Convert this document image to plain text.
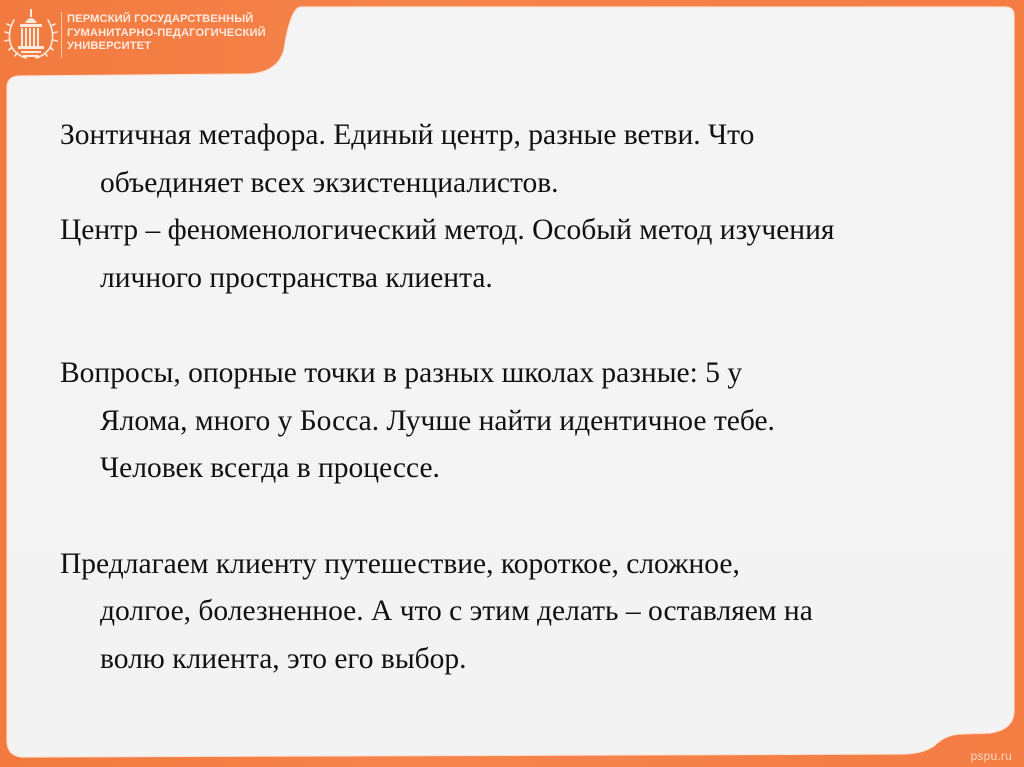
ПЕРМСКИЙ ГОСУДАРСТВЕННЫЙ
ГУМАНИТАРНО-ПЕДАГОГИЧЕСКИЙ
УНИВЕРСИТЕТ

Зонтичная метафора. Единый центр, разные ветви. Что
объединяет всех экзистенциалистов.

Центр – феноменологический метод. Особый метод изучения
личного пространства клиента.

Вопросы, опорные точки в разных школах разные: 5 у
Ялома, много у Босса. Лучше найти идентичное тебе.
Человек всегда в процессе.

Предлагаем клиенту путешествие, короткое, сложное,
долгое, болезненное. А что с этим делать – оставляем на
волю клиента, это его выбор.

pspu.ru
